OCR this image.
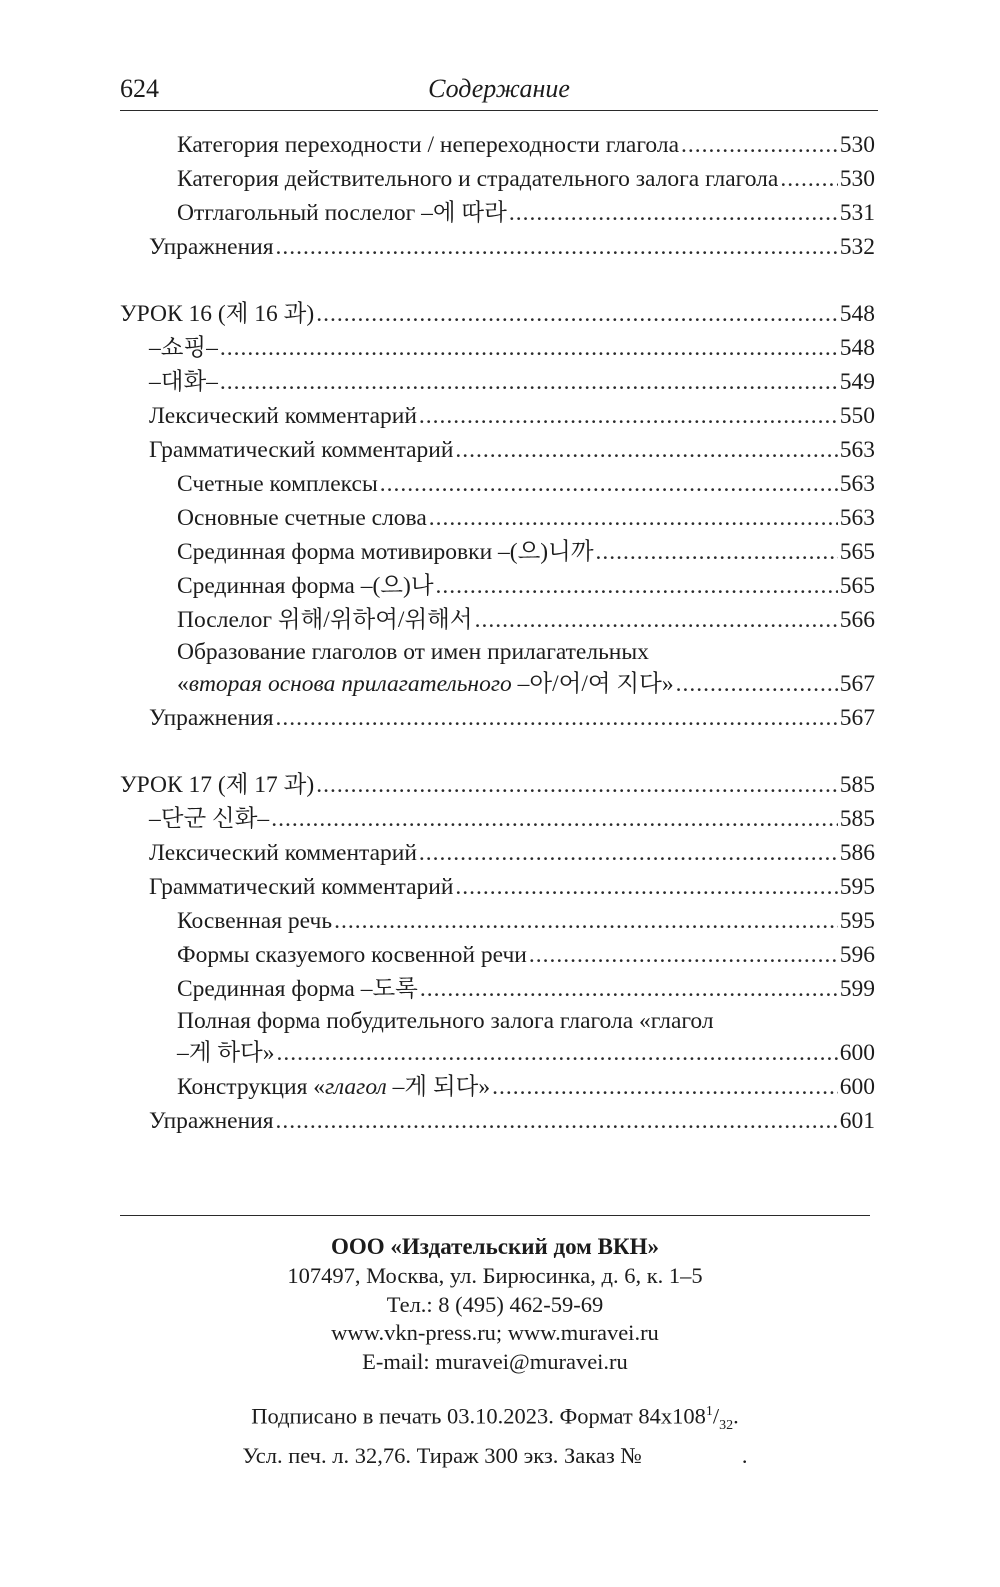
624	Содержание
Категория переходности / непереходности глагола .....	530
Категория действительного и страдательного залога глагола .....	530
Отглагольный послелог –에 따라 .....	531
Упражнения .....	532
УРОК 16 (제 16 과) .....	548
–쇼핑– .....	548
–대화– .....	549
Лексический комментарий .....	550
Грамматический комментарий .....	563
Счетные комплексы .....	563
Основные счетные слова .....	563
Срединная форма мотивировки –(으)니까 .....	565
Срединная форма –(으)나 .....	565
Послелог 위해/위하여/위해서 .....	566
Образование глаголов от имен прилагательных
«вторая основа прилагательного –아/어/여 지다» .....	567
Упражнения .....	567
УРОК 17 (제 17 과) .....	585
–단군 신화– .....	585
Лексический комментарий .....	586
Грамматический комментарий .....	595
Косвенная речь .....	595
Формы сказуемого косвенной речи .....	596
Срединная форма –도록 .....	599
Полная форма побудительного залога глагола «глагол
–게 하다» .....	600
Конструкция «глагол –게 되다» .....	600
Упражнения .....	601
ООО «Издательский дом ВКН»
107497, Москва, ул. Бирюсинка, д. 6, к. 1–5
Тел.: 8 (495) 462-59-69
www.vkn-press.ru; www.muravei.ru
E-mail: muravei@muravei.ru
Подписано в печать 03.10.2023. Формат $84х108^1/_{32}$.
Усл. печ. л. 32,76. Тираж 300 экз. Заказ №	.
